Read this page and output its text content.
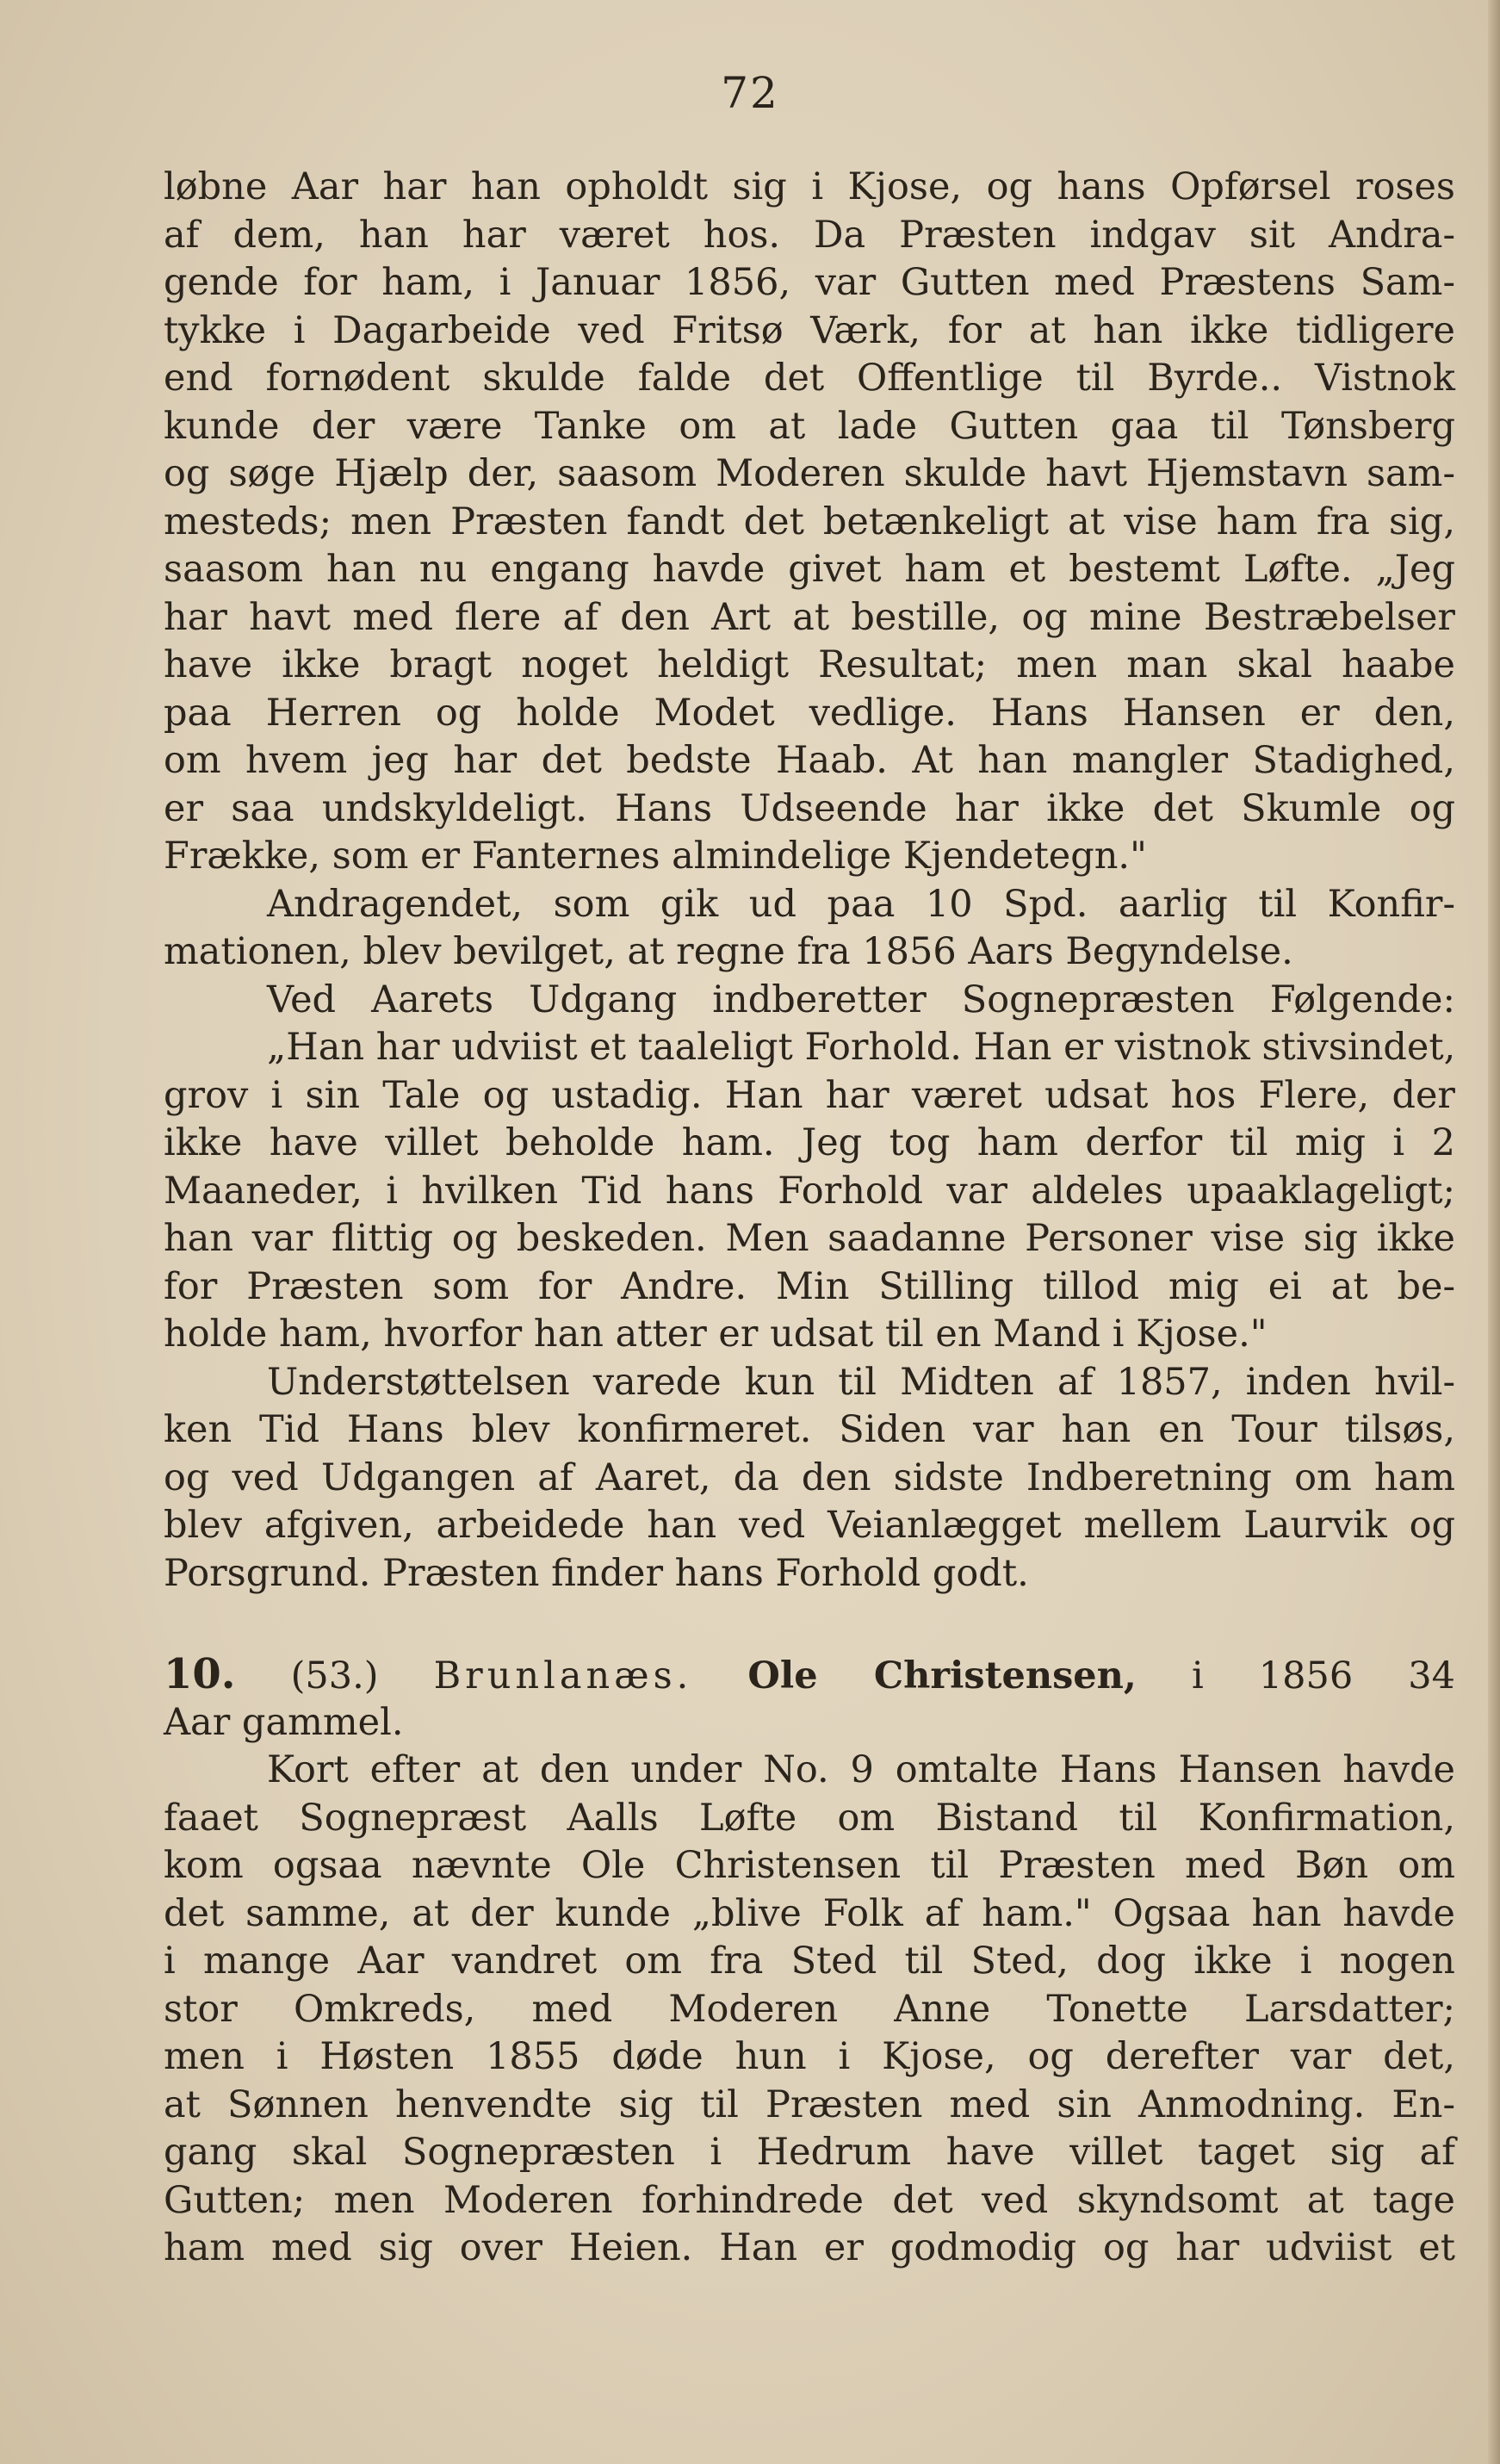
72
løbne Aar har han opholdt sig i Kjose, og hans Opførsel roses
af dem, han har været hos. Da Præsten indgav sit Andra-
gende for ham, i Januar 1856, var Gutten med Præstens Sam-
tykke i Dagarbeide ved Fritsø Værk, for at han ikke tidligere
end fornødent skulde falde det Offentlige til Byrde.. Vistnok
kunde der være Tanke om at lade Gutten gaa til Tønsberg
og søge Hjælp der, saasom Moderen skulde havt Hjemstavn sam-
mesteds; men Præsten fandt det betænkeligt at vise ham fra sig,
saasom han nu engang havde givet ham et bestemt Løfte. „Jeg
har havt med flere af den Art at bestille, og mine Bestræbelser
have ikke bragt noget heldigt Resultat; men man skal haabe
paa Herren og holde Modet vedlige. Hans Hansen er den,
om hvem jeg har det bedste Haab. At han mangler Stadighed,
er saa undskyldeligt. Hans Udseende har ikke det Skumle og
Frække, som er Fanternes almindelige Kjendetegn."
Andragendet, som gik ud paa 10 Spd. aarlig til Konfir-
mationen, blev bevilget, at regne fra 1856 Aars Begyndelse.
Ved Aarets Udgang indberetter Sognepræsten Følgende:
„Han har udviist et taaleligt Forhold. Han er vistnok stivsindet,
grov i sin Tale og ustadig. Han har været udsat hos Flere, der
ikke have villet beholde ham. Jeg tog ham derfor til mig i 2
Maaneder, i hvilken Tid hans Forhold var aldeles upaaklageligt;
han var flittig og beskeden. Men saadanne Personer vise sig ikke
for Præsten som for Andre. Min Stilling tillod mig ei at be-
holde ham, hvorfor han atter er udsat til en Mand i Kjose."
Understøttelsen varede kun til Midten af 1857, inden hvil-
ken Tid Hans blev konfirmeret. Siden var han en Tour tilsøs,
og ved Udgangen af Aaret, da den sidste Indberetning om ham
blev afgiven, arbeidede han ved Veianlægget mellem Laurvik og
Porsgrund. Præsten finder hans Forhold godt.
10. (53.) Brunlanæs. Ole Christensen, i 1856 34
Aar gammel.
Kort efter at den under No. 9 omtalte Hans Hansen havde
faaet Sognepræst Aalls Løfte om Bistand til Konfirmation,
kom ogsaa nævnte Ole Christensen til Præsten med Bøn om
det samme, at der kunde „blive Folk af ham." Ogsaa han havde
i mange Aar vandret om fra Sted til Sted, dog ikke i nogen
stor Omkreds, med Moderen Anne Tonette Larsdatter;
men i Høsten 1855 døde hun i Kjose, og derefter var det,
at Sønnen henvendte sig til Præsten med sin Anmodning. En-
gang skal Sognepræsten i Hedrum have villet taget sig af
Gutten; men Moderen forhindrede det ved skyndsomt at tage
ham med sig over Heien. Han er godmodig og har udviist et
